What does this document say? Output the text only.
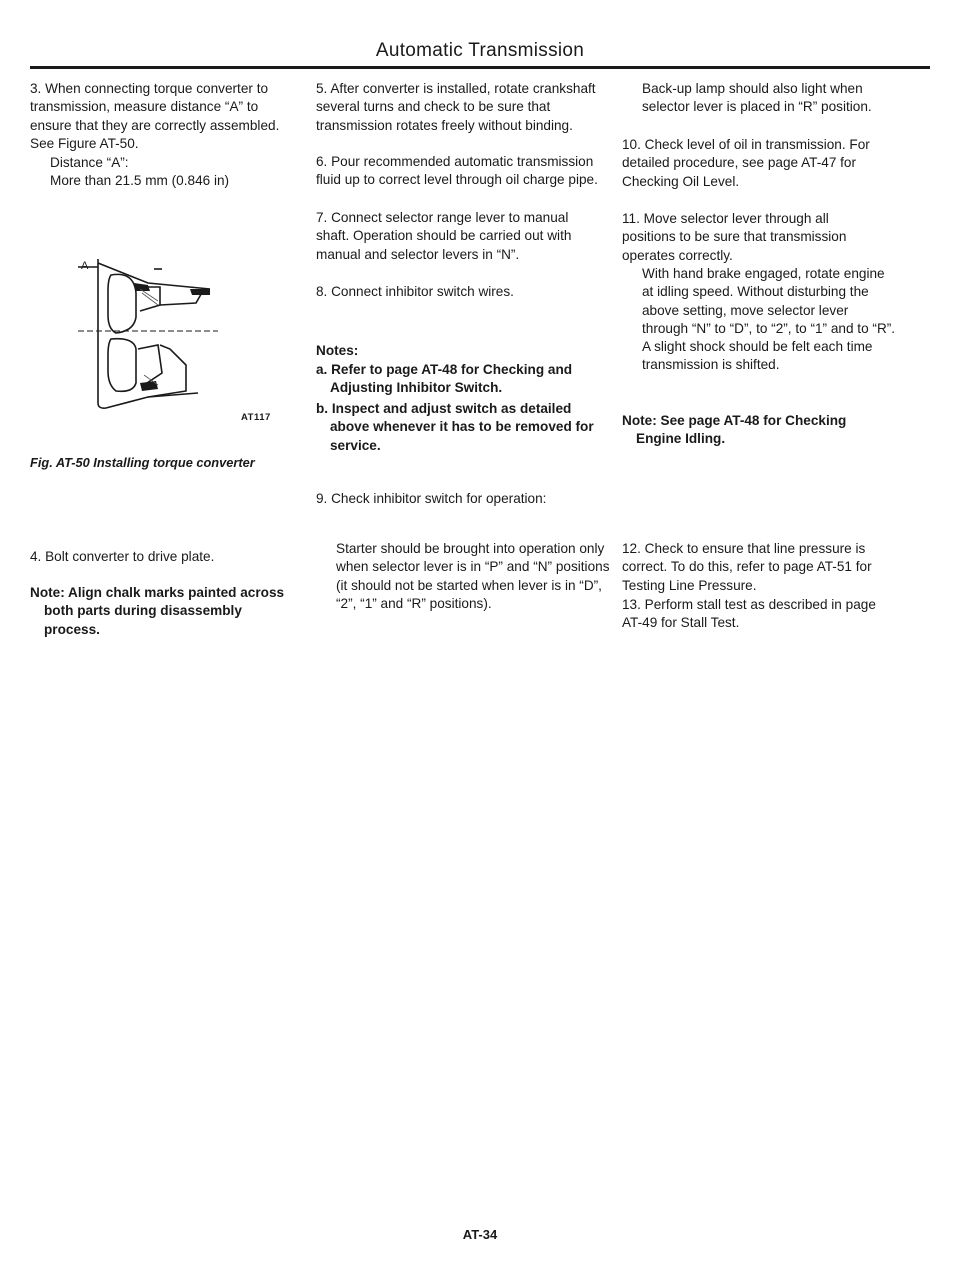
Automatic Transmission
3. When connecting torque converter to transmission, measure distance “A” to ensure that they are correctly assembled. See Figure AT-50.
Distance “A”:
More than 21.5 mm (0.846 in)
A
AT117
Fig. AT-50 Installing torque converter
4. Bolt converter to drive plate.
Note: Align chalk marks painted across both parts during disassembly process.
5. After converter is installed, rotate crankshaft several turns and check to be sure that transmission rotates freely without binding.
6. Pour recommended automatic transmission fluid up to correct level through oil charge pipe.
7. Connect selector range lever to manual shaft. Operation should be carried out with manual and selector levers in “N”.
8. Connect inhibitor switch wires.
Notes:
a. Refer to page AT-48 for Checking and Adjusting Inhibitor Switch.
b. Inspect and adjust switch as detailed above whenever it has to be removed for service.
9. Check inhibitor switch for operation:
Starter should be brought into operation only when selector lever is in “P” and “N” positions (it should not be started when lever is in “D”, “2”, “1” and “R” positions).
Back-up lamp should also light when selector lever is placed in “R” position.
10. Check level of oil in transmission. For detailed procedure, see page AT-47 for Checking Oil Level.
11. Move selector lever through all positions to be sure that transmission operates correctly.
With hand brake engaged, rotate engine at idling speed. Without disturbing the above setting, move selector lever through “N” to “D”, to “2”, to “1” and to “R”. A slight shock should be felt each time transmission is shifted.
Note: See page AT-48 for Checking Engine Idling.
12. Check to ensure that line pressure is correct. To do this, refer to page AT-51 for Testing Line Pressure.
13. Perform stall test as described in page AT-49 for Stall Test.
AT-34
